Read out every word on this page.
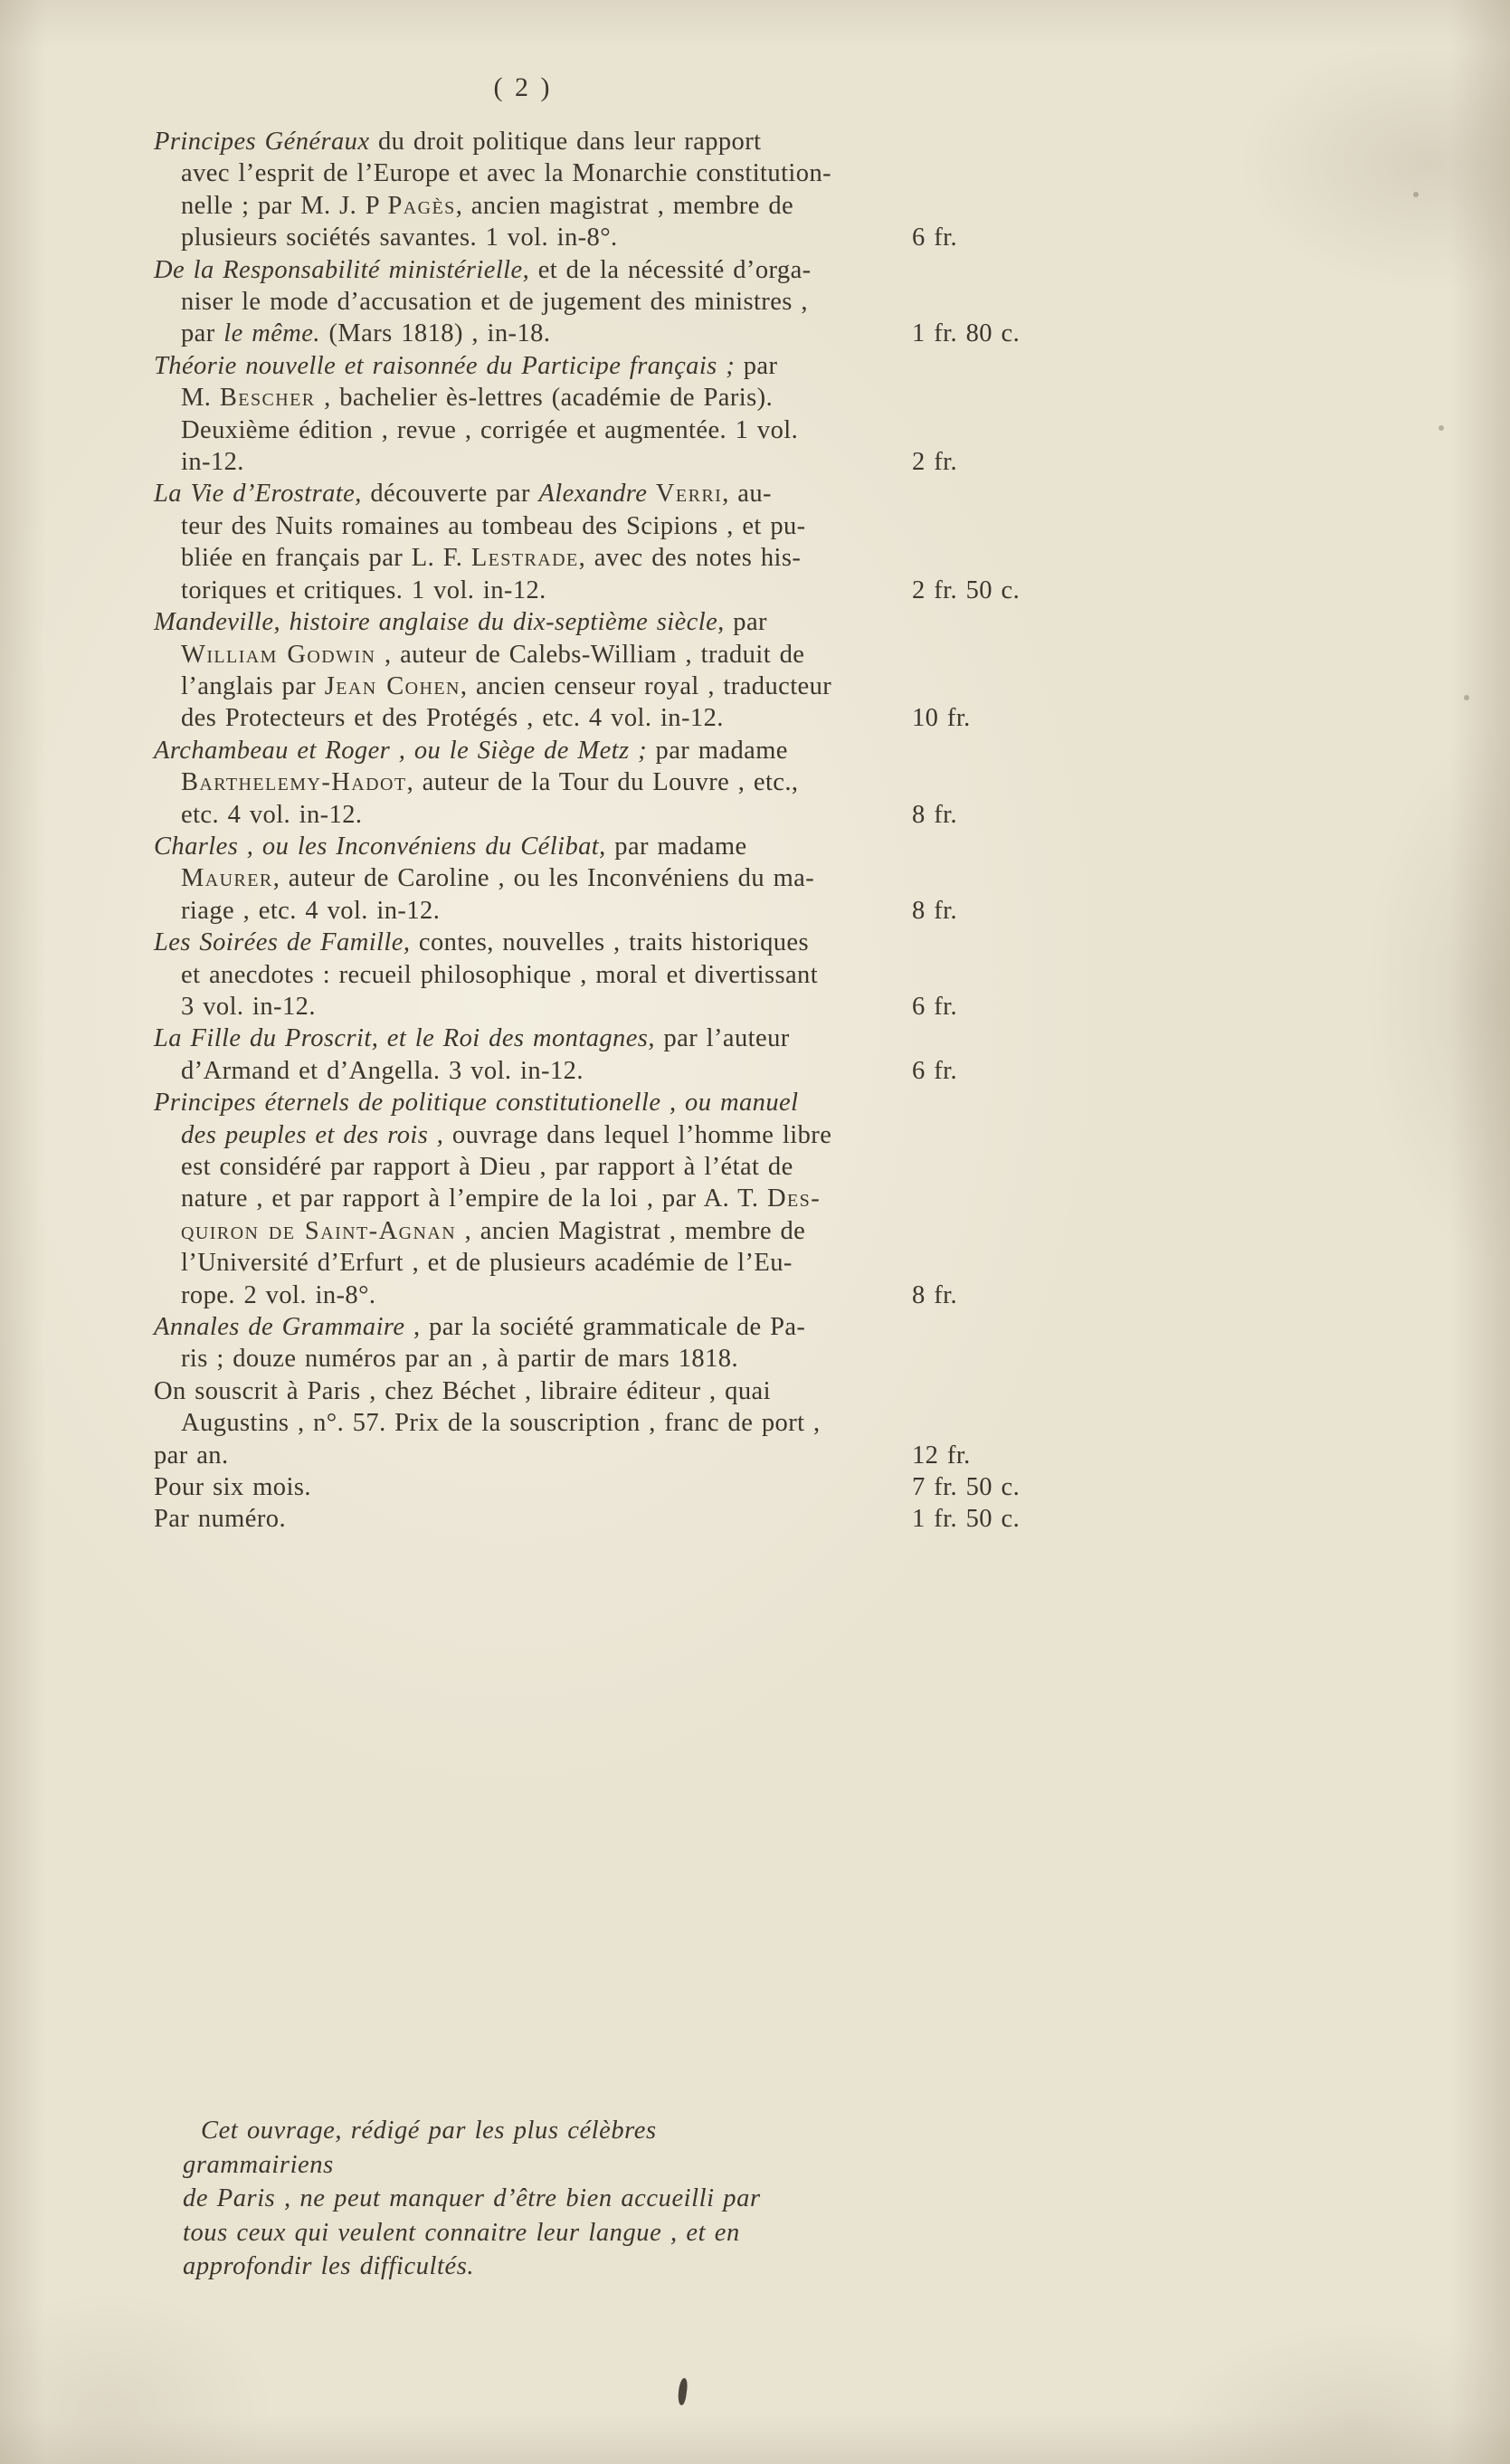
( 2 )
Principes Généraux du droit politique dans leur rapport
avec l’esprit de l’Europe et avec la Monarchie constitution-
nelle ; par M. J. P Pagès, ancien magistrat , membre de
plusieurs sociétés savantes. 1 vol. in-8°.	6 fr.
De la Responsabilité ministérielle, et de la nécessité d’orga-
niser le mode d’accusation et de jugement des ministres ,
par le même. (Mars 1818) , in-18.	1 fr. 80 c.
Théorie nouvelle et raisonnée du Participe français ; par
M. Bescher , bachelier ès-lettres (académie de Paris).
Deuxième édition , revue , corrigée et augmentée. 1 vol.
in-12.	2 fr.
La Vie d’Erostrate, découverte par Alexandre Verri, au-
teur des Nuits romaines au tombeau des Scipions , et pu-
bliée en français par L. F. Lestrade, avec des notes his-
toriques et critiques. 1 vol. in-12.	2 fr. 50 c.
Mandeville, histoire anglaise du dix-septième siècle, par
William Godwin , auteur de Calebs-William , traduit de
l’anglais par Jean Cohen, ancien censeur royal , traducteur
des Protecteurs et des Protégés , etc. 4 vol. in-12.	10 fr.
Archambeau et Roger , ou le Siège de Metz ; par madame
Barthelemy-Hadot, auteur de la Tour du Louvre , etc.,
etc. 4 vol. in-12.	8 fr.
Charles , ou les Inconvéniens du Célibat, par madame
Maurer, auteur de Caroline , ou les Inconvéniens du ma-
riage , etc. 4 vol. in-12.	8 fr.
Les Soirées de Famille, contes, nouvelles , traits historiques
et anecdotes : recueil philosophique , moral et divertissant
3 vol. in-12.	6 fr.
La Fille du Proscrit, et le Roi des montagnes, par l’auteur
d’Armand et d’Angella. 3 vol. in-12.	6 fr.
Principes éternels de politique constitutionelle , ou manuel
des peuples et des rois , ouvrage dans lequel l’homme libre
est considéré par rapport à Dieu , par rapport à l’état de
nature , et par rapport à l’empire de la loi , par A. T. Des-
quiron de Saint-Agnan , ancien Magistrat , membre de
l’Université d’Erfurt , et de plusieurs académie de l’Eu-
rope. 2 vol. in-8°.	8 fr.
Annales de Grammaire , par la société grammaticale de Pa-
ris ; douze numéros par an , à partir de mars 1818.
On souscrit à Paris , chez Béchet , libraire éditeur , quai
Augustins , n°. 57. Prix de la souscription , franc de port ,
par an.	12 fr.
Pour six mois.	7 fr. 50 c.
Par numéro.	1 fr. 50 c.
Cet ouvrage, rédigé par les plus célèbres grammairiens
de Paris , ne peut manquer d’être bien accueilli par
tous ceux qui veulent connaitre leur langue , et en
approfondir les difficultés.
